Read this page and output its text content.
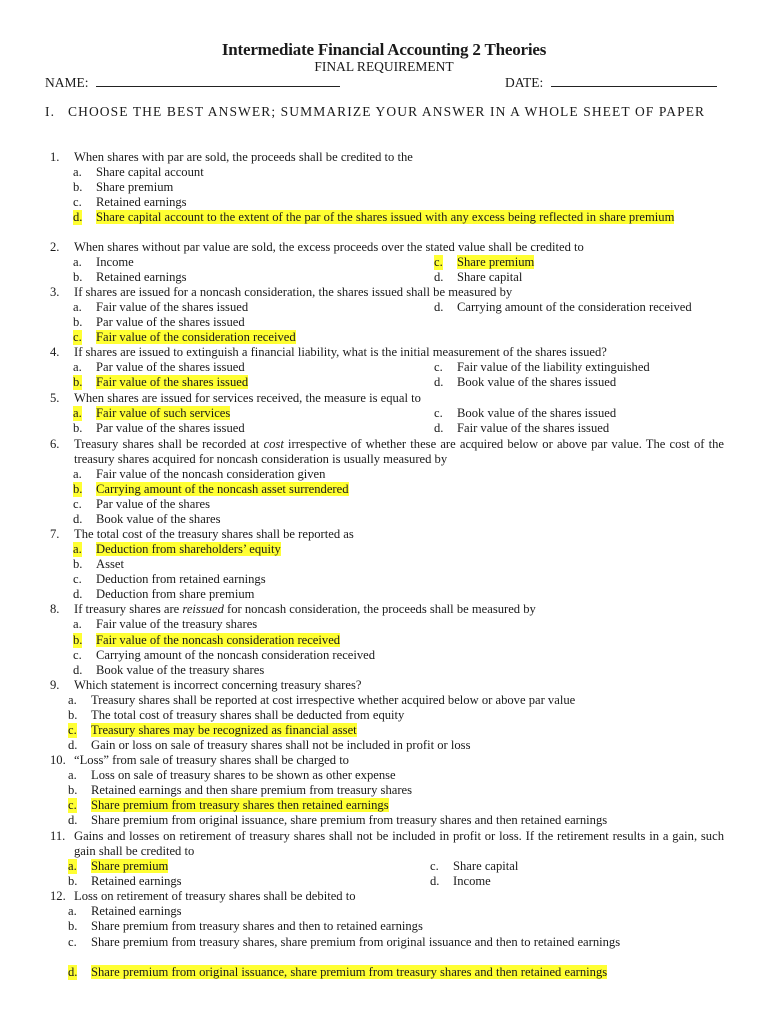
Intermediate Financial Accounting 2 Theories
FINAL REQUIREMENT
NAME:	DATE:
I. CHOOSE THE BEST ANSWER; SUMMARIZE YOUR ANSWER IN A WHOLE SHEET OF PAPER
1. When shares with par are sold, the proceeds shall be credited to the
a. Share capital account
b. Share premium
c. Retained earnings
d. Share capital account to the extent of the par of the shares issued with any excess being reflected in share premium
2. When shares without par value are sold, the excess proceeds over the stated value shall be credited to
a. Income
b. Retained earnings
c. Share premium
d. Share capital
3. If shares are issued for a noncash consideration, the shares issued shall be measured by
a. Fair value of the shares issued
b. Par value of the shares issued
c. Fair value of the consideration received
d. Carrying amount of the consideration received
4. If shares are issued to extinguish a financial liability, what is the initial measurement of the shares issued?
a. Par value of the shares issued
b. Fair value of the shares issued
c. Fair value of the liability extinguished
d. Book value of the shares issued
5. When shares are issued for services received, the measure is equal to
a. Fair value of such services
b. Par value of the shares issued
c. Book value of the shares issued
d. Fair value of the shares issued
6. Treasury shares shall be recorded at cost irrespective of whether these are acquired below or above par value. The cost of the treasury shares acquired for noncash consideration is usually measured by
a. Fair value of the noncash consideration given
b. Carrying amount of the noncash asset surrendered
c. Par value of the shares
d. Book value of the shares
7. The total cost of the treasury shares shall be reported as
a. Deduction from shareholders’ equity
b. Asset
c. Deduction from retained earnings
d. Deduction from share premium
8. If treasury shares are reissued for noncash consideration, the proceeds shall be measured by
a. Fair value of the treasury shares
b. Fair value of the noncash consideration received
c. Carrying amount of the noncash consideration received
d. Book value of the treasury shares
9. Which statement is incorrect concerning treasury shares?
a. Treasury shares shall be reported at cost irrespective whether acquired below or above par value
b. The total cost of treasury shares shall be deducted from equity
c. Treasury shares may be recognized as financial asset
d. Gain or loss on sale of treasury shares shall not be included in profit or loss
10. “Loss” from sale of treasury shares shall be charged to
a. Loss on sale of treasury shares to be shown as other expense
b. Retained earnings and then share premium from treasury shares
c. Share premium from treasury shares then retained earnings
d. Share premium from original issuance, share premium from treasury shares and then retained earnings
11. Gains and losses on retirement of treasury shares shall not be included in profit or loss. If the retirement results in a gain, such gain shall be credited to
a. Share premium
b. Retained earnings
c. Share capital
d. Income
12. Loss on retirement of treasury shares shall be debited to
a. Retained earnings
b. Share premium from treasury shares and then to retained earnings
c. Share premium from treasury shares, share premium from original issuance and then to retained earnings
d. Share premium from original issuance, share premium from treasury shares and then retained earnings
